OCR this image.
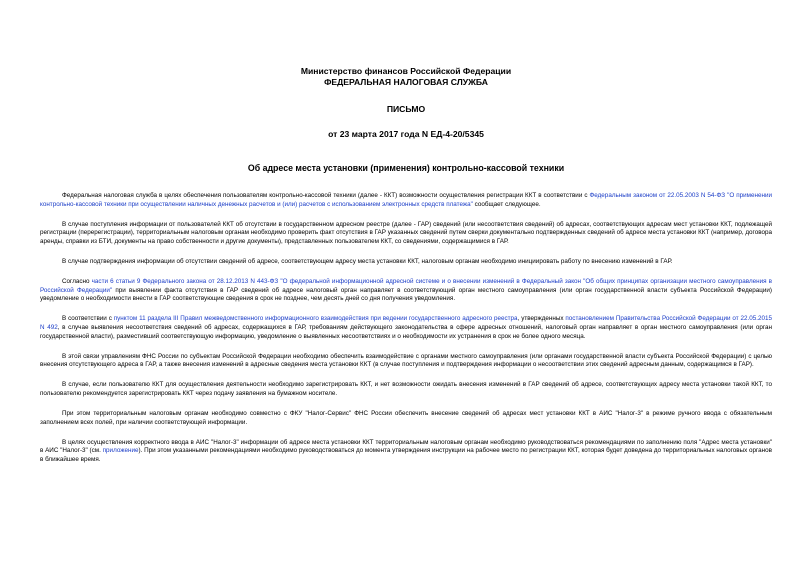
Министерство финансов Российской Федерации
ФЕДЕРАЛЬНАЯ НАЛОГОВАЯ СЛУЖБА
ПИСЬМО
от 23 марта 2017 года N ЕД-4-20/5345
Об адресе места установки (применения) контрольно-кассовой техники

Федеральная налоговая служба в целях обеспечения пользователям контрольно-кассовой техники (далее - ККТ) возможности осуществления регистрации ККТ в соответствии с Федеральным законом от 22.05.2003 N 54-ФЗ "О применении контрольно-кассовой техники при осуществлении наличных денежных расчетов и (или) расчетов с использованием электронных средств платежа" сообщает следующее.

В случае поступления информации от пользователей ККТ об отсутствии в государственном адресном реестре (далее - ГАР) сведений (или несоответствия сведений) об адресах, соответствующих адресам мест установки ККТ, подлежащей регистрации (перерегистрации), территориальным налоговым органам необходимо проверить факт отсутствия в ГАР указанных сведений путем сверки документально подтвержденных сведений об адресе места установки ККТ (например, договора аренды, справки из БТИ, документы на право собственности и другие документы), представленных пользователем ККТ, со сведениями, содержащимися в ГАР.

В случае подтверждения информации об отсутствии сведений об адресе, соответствующем адресу места установки ККТ, налоговым органам необходимо инициировать работу по внесению изменений в ГАР.

Согласно части 6 статьи 9 Федерального закона от 28.12.2013 N 443-ФЗ "О федеральной информационной адресной системе и о внесении изменений в Федеральный закон "Об общих принципах организации местного самоуправления в Российской Федерации" при выявлении факта отсутствия в ГАР сведений об адресе налоговый орган направляет в соответствующий орган местного самоуправления (или орган государственной власти субъекта Российской Федерации) уведомление о необходимости внести в ГАР соответствующие сведения в срок не позднее, чем десять дней со дня получения уведомления.

В соответствии с пунктом 11 раздела III Правил межведомственного информационного взаимодействия при ведении государственного адресного реестра, утвержденных постановлением Правительства Российской Федерации от 22.05.2015 N 492, в случае выявления несоответствия сведений об адресах, содержащихся в ГАР, требованиям действующего законодательства в сфере адресных отношений, налоговый орган направляет в орган местного самоуправления (или орган государственной власти), разместивший соответствующую информацию, уведомление о выявленных несоответствиях и о необходимости их устранения в срок не более одного месяца.

В этой связи управлениям ФНС России по субъектам Российской Федерации необходимо обеспечить взаимодействие с органами местного самоуправления (или органами государственной власти субъекта Российской Федерации) с целью внесения отсутствующего адреса в ГАР, а также внесения изменений в адресные сведения места установки ККТ (в случае поступления и подтверждения информации о несоответствии этих сведений адресным данным, содержащимся в ГАР).

В случае, если пользователю ККТ для осуществления деятельности необходимо зарегистрировать ККТ, и нет возможности ожидать внесения изменений в ГАР сведений об адресе, соответствующих адресу места установки такой ККТ, то пользователю рекомендуется зарегистрировать ККТ через подачу заявления на бумажном носителе.

При этом территориальным налоговым органам необходимо совместно с ФКУ "Налог-Сервис" ФНС России обеспечить внесение сведений об адресах мест установки ККТ в АИС "Налог-3" в режиме ручного ввода с обязательным заполнением всех полей, при наличии соответствующей информации.

В целях осуществления корректного ввода в АИС "Налог-3" информации об адресе места установки ККТ территориальным налоговым органам необходимо руководствоваться рекомендациями по заполнению поля "Адрес места установки" в АИС "Налог-3" (см. приложение). При этом указанными рекомендациями необходимо руководствоваться до момента утверждения инструкции на рабочее место по регистрации ККТ, которая будет доведена до территориальных налоговых органов в ближайшее время.
